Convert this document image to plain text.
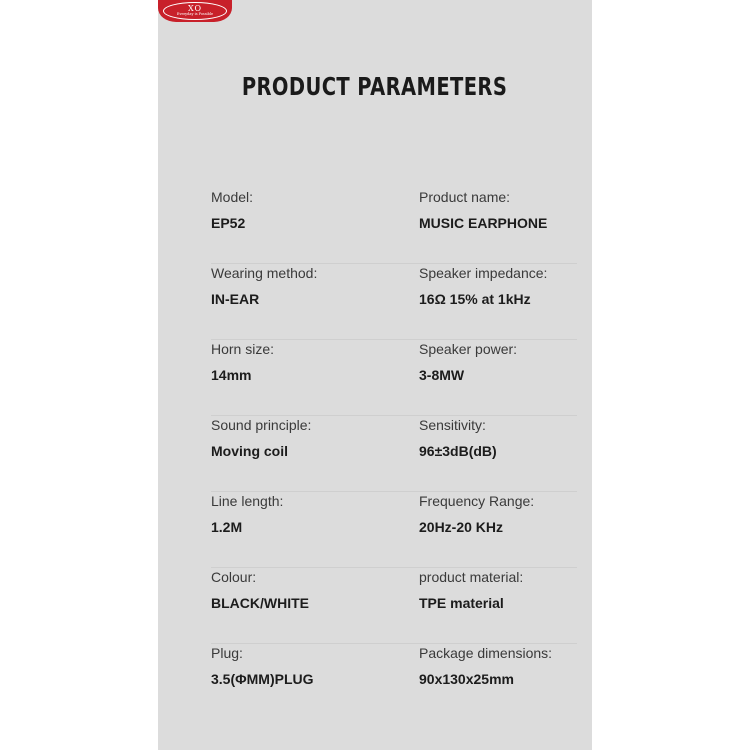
XO
Everyday is Possible
PRODUCT PARAMETERS
Model:
EP52
Product name:
MUSIC EARPHONE
Wearing method:
IN-EAR
Speaker impedance:
16Ω 15% at 1kHz
Horn size:
14mm
Speaker power:
3-8MW
Sound principle:
Moving coil
Sensitivity:
96±3dB(dB)
Line length:
1.2M
Frequency Range:
20Hz-20 KHz
Colour:
BLACK/WHITE
product material:
TPE material
Plug:
3.5(ΦMM)PLUG
Package dimensions:
90x130x25mm
